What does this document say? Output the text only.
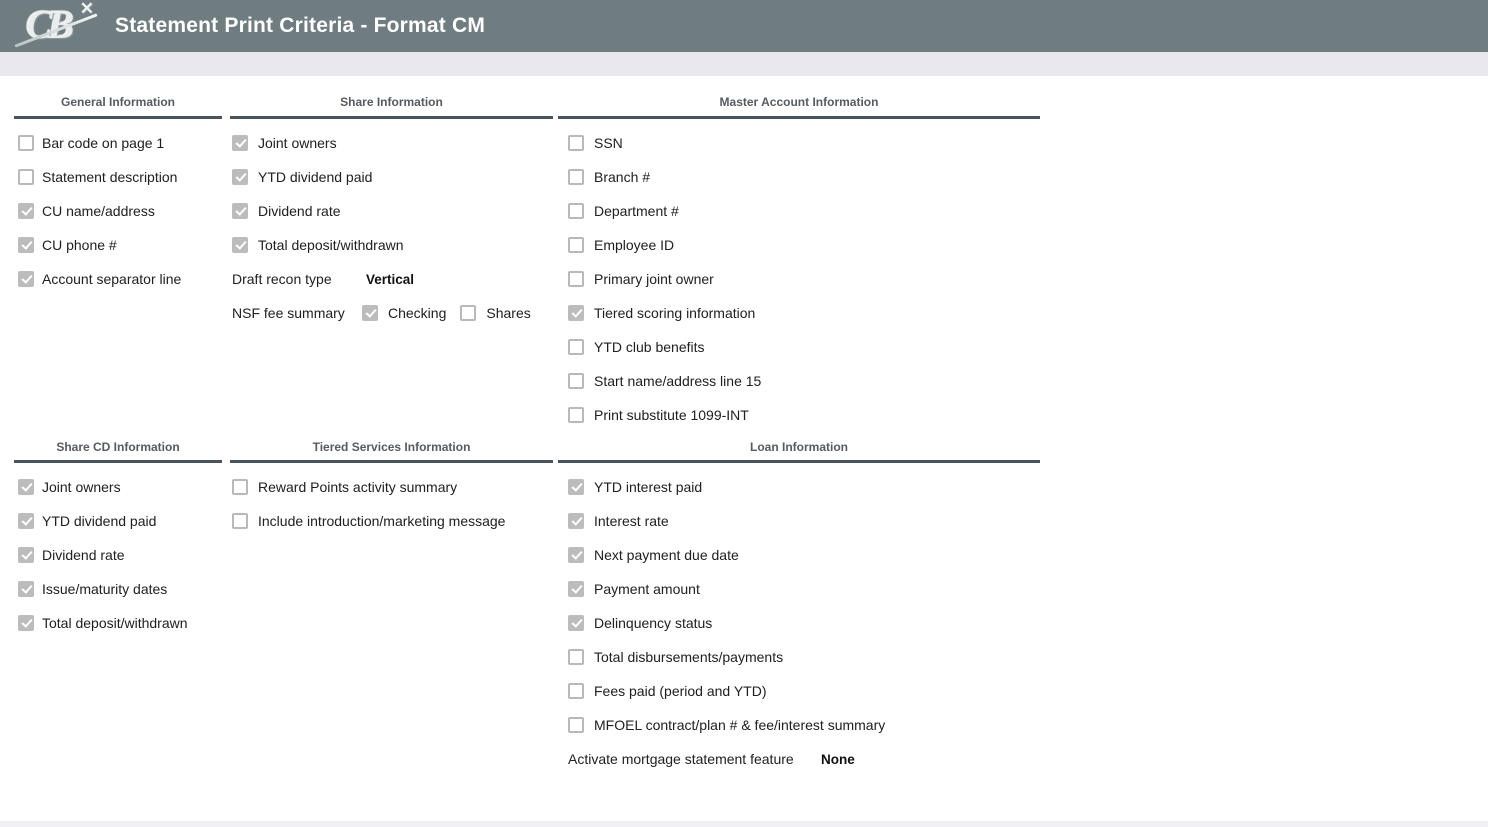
CB ✕
Statement Print Criteria - Format CM
General Information
Bar code on page 1
Statement description
CU name/address
CU phone #
Account separator line
Share Information
Joint owners
YTD dividend paid
Dividend rate
Total deposit/withdrawn
Draft recon type	Vertical
NSF fee summary	Checking	Shares
Master Account Information
SSN
Branch #
Department #
Employee ID
Primary joint owner
Tiered scoring information
YTD club benefits
Start name/address line 15
Print substitute 1099-INT
Share CD Information
Joint owners
YTD dividend paid
Dividend rate
Issue/maturity dates
Total deposit/withdrawn
Tiered Services Information
Reward Points activity summary
Include introduction/marketing message
Loan Information
YTD interest paid
Interest rate
Next payment due date
Payment amount
Delinquency status
Total disbursements/payments
Fees paid (period and YTD)
MFOEL contract/plan # & fee/interest summary
Activate mortgage statement feature None
